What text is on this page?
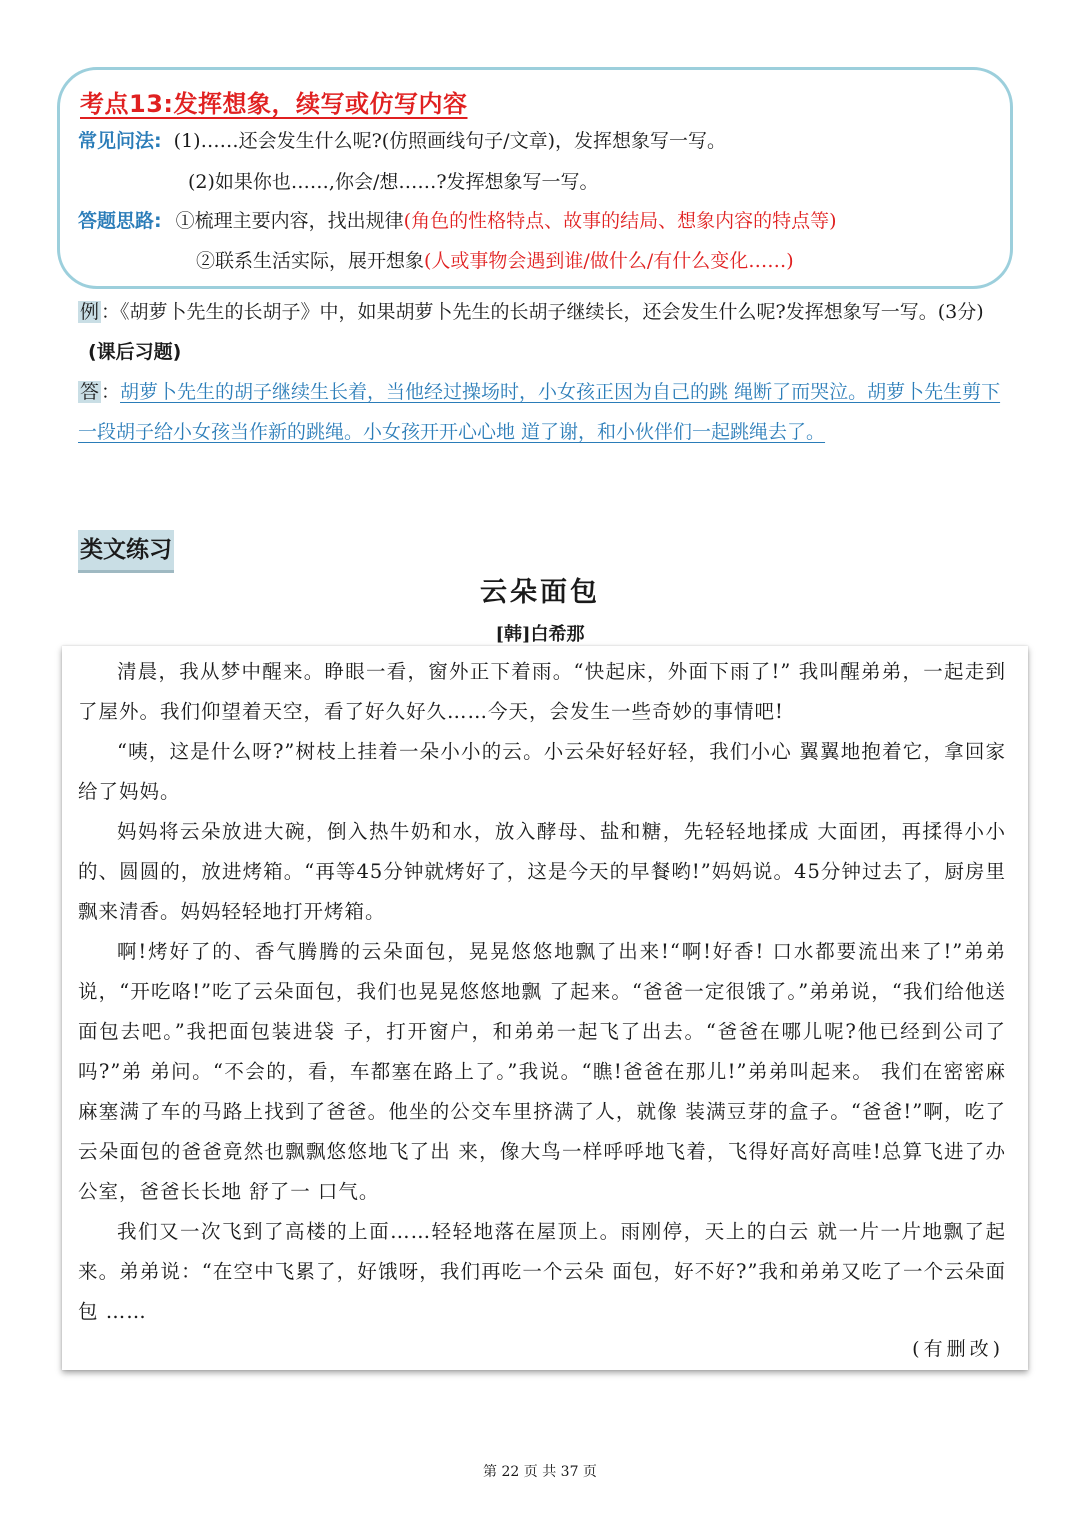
考点13:发挥想象，续写或仿写内容
常见问法: (1)……还会发生什么呢?(仿照画线句子/文章)，发挥想象写一写。
(2)如果你也……,你会/想……?发挥想象写一写。
答题思路: ①梳理主要内容，找出规律(角色的性格特点、故事的结局、想象内容的特点等)
②联系生活实际，展开想象(人或事物会遇到谁/做什么/有什么变化……)
例 ：《胡萝卜先生的长胡子》中，如果胡萝卜先生的长胡子继续长，还会发生什么呢?发挥想象写一写。(3分) (课后习题)
答 ：胡萝卜先生的胡子继续生长着，当他经过操场时，小女孩正因为自己的跳 绳断了而哭泣。胡萝卜先生剪下一段胡子给小女孩当作新的跳绳。小女孩开开心心地 道了谢，和小伙伴们一起跳绳去了。
类文练习
云朵面包
[韩]白希那

清晨，我从梦中醒来。睁眼一看，窗外正下着雨。“快起床，外面下雨了!” 我叫醒弟弟，一起走到了屋外。我们仰望着天空，看了好久好久……今天，会发生一些奇妙的事情吧!

“咦，这是什么呀?”树枝上挂着一朵小小的云。小云朵好轻好轻，我们小心 翼翼地抱着它，拿回家给了妈妈。

妈妈将云朵放进大碗，倒入热牛奶和水，放入酵母、盐和糖，先轻轻地揉成 大面团，再揉得小小的、圆圆的，放进烤箱。“再等45分钟就烤好了，这是今天的早餐哟!”妈妈说。45分钟过去了，厨房里飘来清香。妈妈轻轻地打开烤箱。

啊!烤好了的、香气腾腾的云朵面包，晃晃悠悠地飘了出来!“啊!好香! 口水都要流出来了!”弟弟说，“开吃咯!”吃了云朵面包，我们也晃晃悠悠地飘 了起来。“爸爸一定很饿了。”弟弟说，“我们给他送面包去吧。”我把面包装进袋 子，打开窗户，和弟弟一起飞了出去。“爸爸在哪儿呢?他已经到公司了吗?”弟 弟问。“不会的，看，车都塞在路上了。”我说。“瞧!爸爸在那儿!”弟弟叫起来。 我们在密密麻麻塞满了车的马路上找到了爸爸。他坐的公交车里挤满了人，就像 装满豆芽的盒子。“爸爸!”啊，吃了云朵面包的爸爸竟然也飘飘悠悠地飞了出 来，像大鸟一样呼呼地飞着，飞得好高好高哇!总算飞进了办公室，爸爸长长地 舒了一 口气。

我们又一次飞到了高楼的上面……轻轻地落在屋顶上。雨刚停，天上的白云 就一片一片地飘了起来。弟弟说：“在空中飞累了，好饿呀，我们再吃一个云朵 面包，好不好?”我和弟弟又吃了一个云朵面包 ……

(有删改)
第 22 页 共 37 页
